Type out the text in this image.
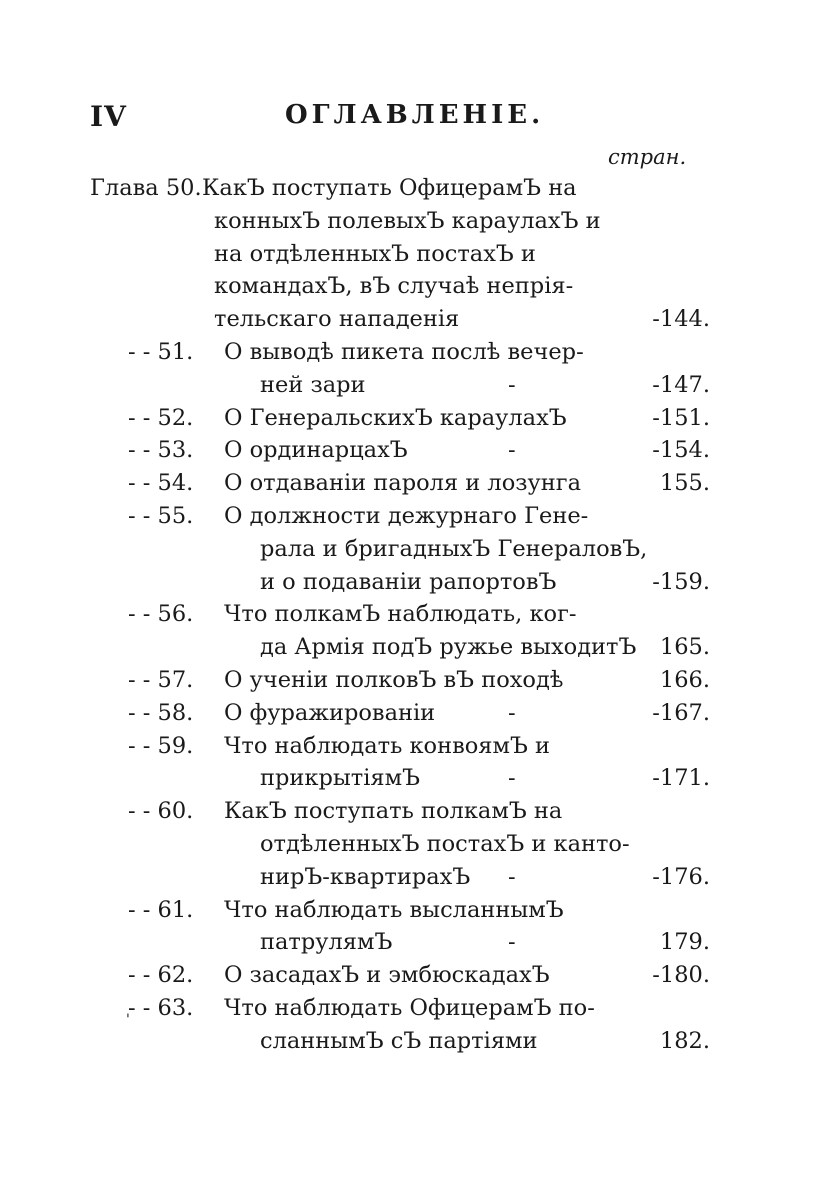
IV	ОГЛАВЛЕНІЕ.
стран.
Глава 50. КакЪ поступать ОфицерамЪ на
конныхЪ полевыхЪ караулахЪ и
на отдѣленныхЪ постахЪ и
командахЪ, вЪ случаѣ непрія-
тельскаго нападенія	-144.
- - 51. О выводѣ пикета послѣ вечер-
ней зари	-	-147.
- - 52. О ГенеральскихЪ караулахЪ	-151.
- - 53. О ординарцахЪ	-	-154.
- - 54. О отдаваніи пароля и лозунга	155.
- - 55. О должности дежурнаго Гене-
рала и бригадныхЪ ГенераловЪ,
и о подаваніи рапортовЪ	-159.
- - 56. Что полкамЪ наблюдать, ког-
да Армія подЪ ружье выходитЪ 165.
- - 57. О ученіи полковЪ вЪ походѣ	166.
- - 58. О фуражированіи	-	-167.
- - 59. Что наблюдать конвоямЪ и
прикрытіямЪ	-	-171.
- - 60. КакЪ поступать полкамЪ на
отдѣленныхЪ постахЪ и канто-
нирЪ-квартирахЪ -	-176.
- - 61. Что наблюдать высланнымЪ
патрулямЪ	-	179.
- - 62. О засадахЪ и эмбюскадахЪ	-180.
- - 63. Что наблюдать ОфицерамЪ по-
сланнымЪ сЪ партіями	182.
'
